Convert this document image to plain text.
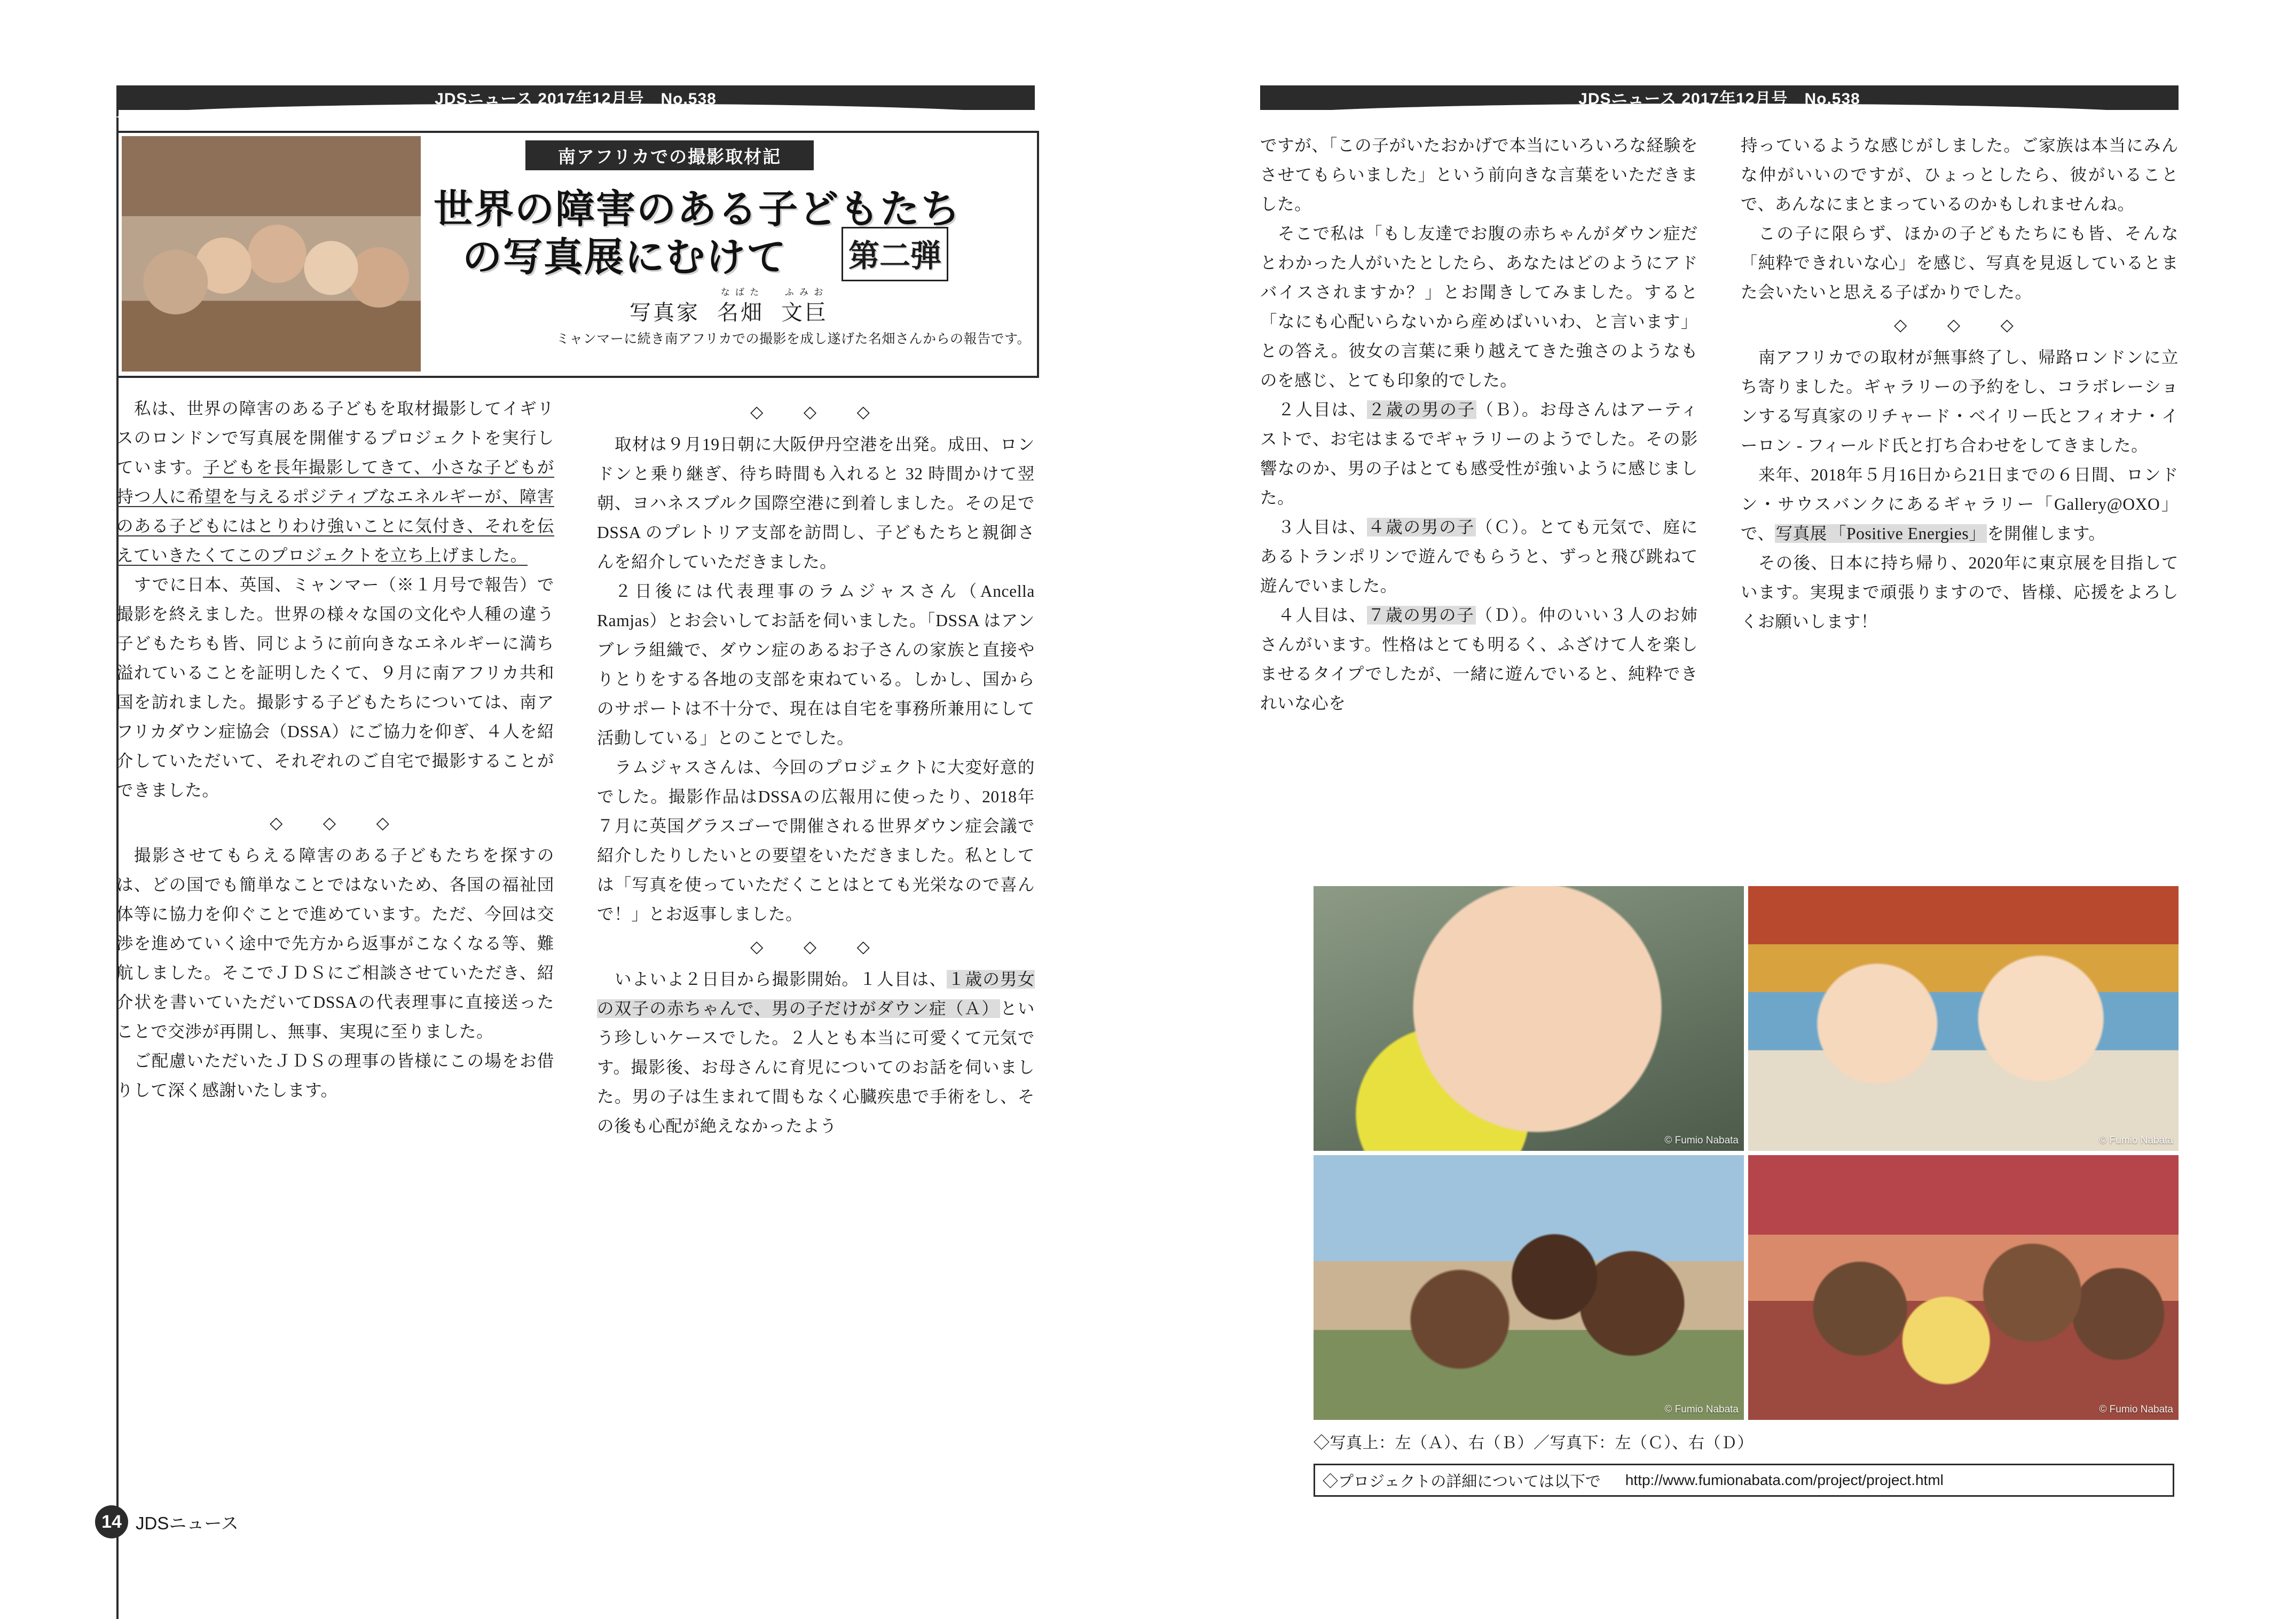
JDSニュース 2017年12月号　No.538	JDSニュース 2017年12月号　No.538
南アフリカでの撮影取材記
世界の障害のある子どもたち
の写真展にむけて 第二弾
写真家
な ば た
名畑
ふ み お
文巨
ミャンマーに続き南アフリカでの撮影を成し遂げた名畑さんからの報告です。

私は、世界の障害のある子どもを取材撮影してイギリスのロンドンで写真展を開催するプロジェクトを実行しています。子どもを長年撮影してきて、小さな子どもが持つ人に希望を与えるポジティブなエネルギーが、障害のある子どもにはとりわけ強いことに気付き、それを伝えていきたくてこのプロジェクトを立ち上げました。

すでに日本、英国、ミャンマー（※１月号で報告）で撮影を終えました。世界の様々な国の文化や人種の違う子どもたちも皆、同じように前向きなエネルギーに満ち溢れていることを証明したくて、９月に南アフリカ共和国を訪れました。撮影する子どもたちについては、南アフリカダウン症協会（DSSA）にご協力を仰ぎ、４人を紹介していただいて、それぞれのご自宅で撮影することができました。

◇　◇　◇

撮影させてもらえる障害のある子どもたちを探すのは、どの国でも簡単なことではないため、各国の福祉団体等に協力を仰ぐことで進めています。ただ、今回は交渉を進めていく途中で先方から返事がこなくなる等、難航しました。そこでＪＤＳにご相談させていただき、紹介状を書いていただいてDSSAの代表理事に直接送ったことで交渉が再開し、無事、実現に至りました。

ご配慮いただいたＪＤＳの理事の皆様にこの場をお借りして深く感謝いたします。

◇　◇　◇

取材は９月19日朝に大阪伊丹空港を出発。成田、ロンドンと乗り継ぎ、待ち時間も入れると 32 時間かけて翌朝、ヨハネスブルク国際空港に到着しました。その足で DSSA のプレトリア支部を訪問し、子どもたちと親御さんを紹介していただきました。

２日後には代表理事のラムジャスさん（Ancella Ramjas）とお会いしてお話を伺いました。「DSSA はアンブレラ組織で、ダウン症のあるお子さんの家族と直接やりとりをする各地の支部を束ねている。しかし、国からのサポートは不十分で、現在は自宅を事務所兼用にして活動している」とのことでした。

ラムジャスさんは、今回のプロジェクトに大変好意的でした。撮影作品はDSSAの広報用に使ったり、2018年７月に英国グラスゴーで開催される世界ダウン症会議で紹介したりしたいとの要望をいただきました。私としては「写真を使っていただくことはとても光栄なので喜んで！」とお返事しました。

◇　◇　◇

いよいよ２日目から撮影開始。１人目は、１歳の男女の双子の赤ちゃんで、男の子だけがダウン症（Ａ）という珍しいケースでした。２人とも本当に可愛くて元気です。撮影後、お母さんに育児についてのお話を伺いました。男の子は生まれて間もなく心臓疾患で手術をし、その後も心配が絶えなかったよう

ですが、「この子がいたおかげで本当にいろいろな経験をさせてもらいました」という前向きな言葉をいただきました。

そこで私は「もし友達でお腹の赤ちゃんがダウン症だとわかった人がいたとしたら、あなたはどのようにアドバイスされますか？」とお聞きしてみました。すると「なにも心配いらないから産めばいいわ、と言います」との答え。彼女の言葉に乗り越えてきた強さのようなものを感じ、とても印象的でした。

２人目は、２歳の男の子（Ｂ）。お母さんはアーティストで、お宅はまるでギャラリーのようでした。その影響なのか、男の子はとても感受性が強いように感じました。

３人目は、４歳の男の子（Ｃ）。とても元気で、庭にあるトランポリンで遊んでもらうと、ずっと飛び跳ねて遊んでいました。

４人目は、７歳の男の子（Ｄ）。仲のいい３人のお姉さんがいます。性格はとても明るく、ふざけて人を楽しませるタイプでしたが、一緒に遊んでいると、純粋できれいな心を

持っているような感じがしました。ご家族は本当にみんな仲がいいのですが、ひょっとしたら、彼がいることで、あんなにまとまっているのかもしれませんね。

この子に限らず、ほかの子どもたちにも皆、そんな「純粋できれいな心」を感じ、写真を見返しているとまた会いたいと思える子ばかりでした。

◇　◇　◇

南アフリカでの取材が無事終了し、帰路ロンドンに立ち寄りました。ギャラリーの予約をし、コラボレーションする写真家のリチャード・ベイリー氏とフィオナ・イーロン - フィールド氏と打ち合わせをしてきました。

来年、2018年５月16日から21日までの６日間、ロンドン・サウスバンクにあるギャラリー「Gallery@OXO」で、写真展 「Positive Energies」を開催します。

その後、日本に持ち帰り、2020年に東京展を目指しています。実現まで頑張りますので、皆様、応援をよろしくお願いします！

© Fumio Nabata	© Fumio Nabata
© Fumio Nabata	© Fumio Nabata
◇写真上：左（Ａ）、右（Ｂ）／写真下：左（Ｃ）、右（Ｄ）
◇プロジェクトの詳細については以下で http://www.fumionabata.com/project/project.html
14 JDSニュース
